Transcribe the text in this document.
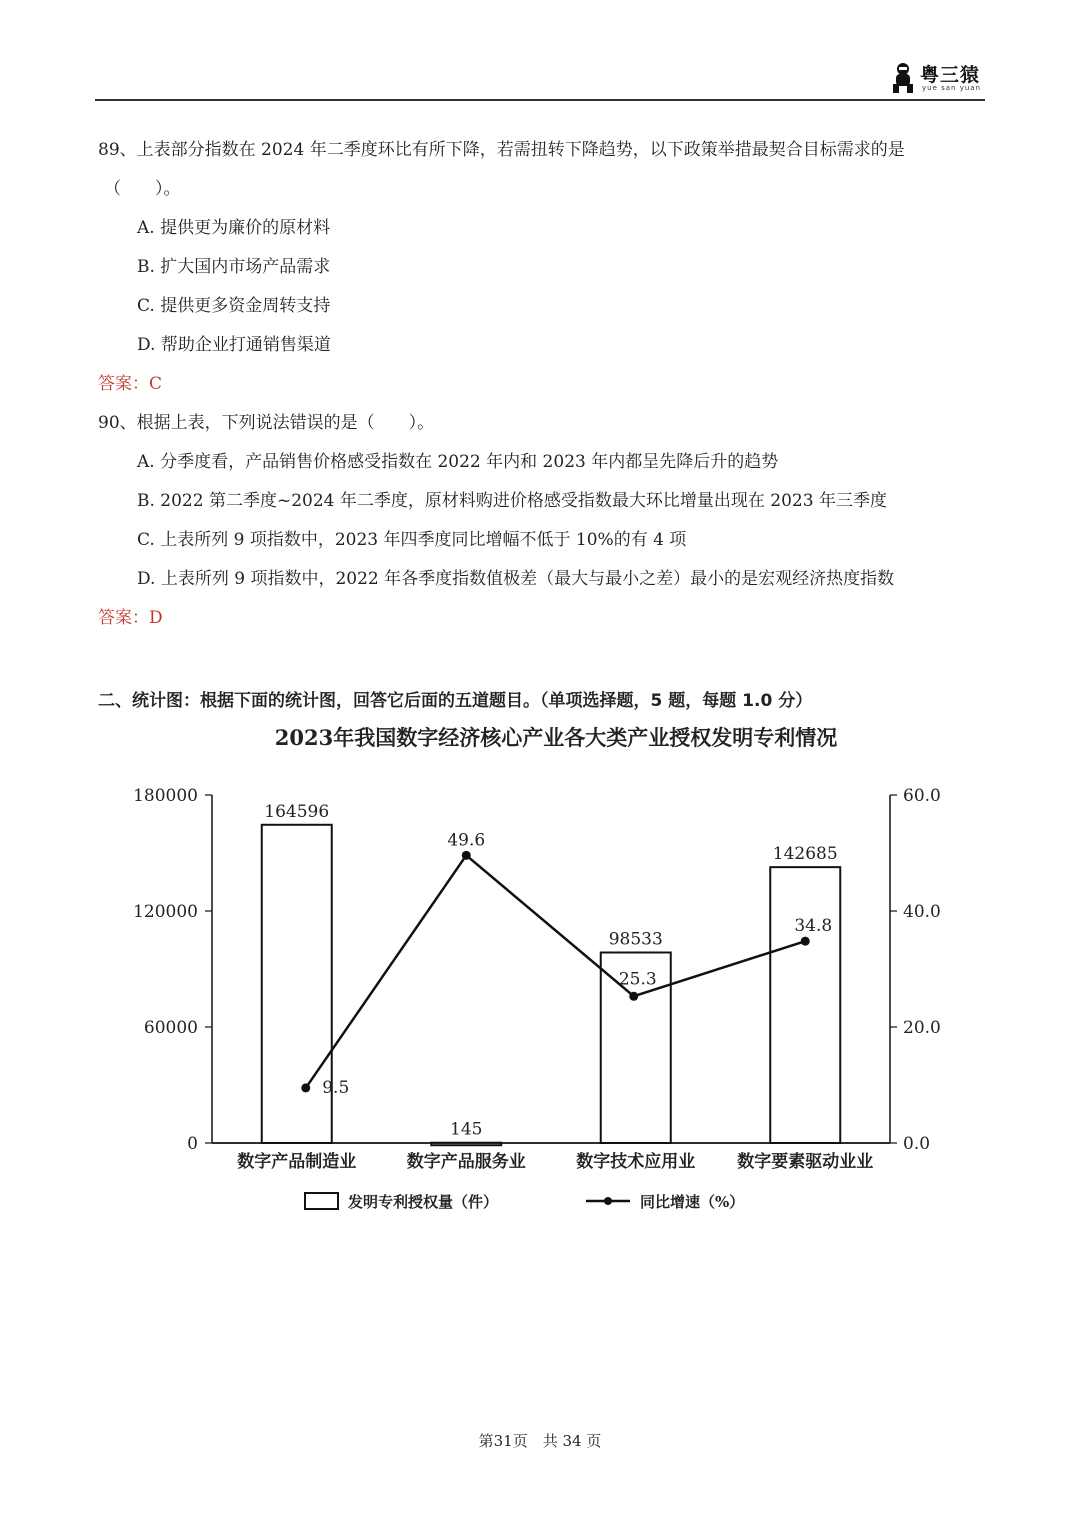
粤三猿
yue san yuan
89、上表部分指数在 2024 年二季度环比有所下降，若需扭转下降趋势，以下政策举措最契合目标需求的是
（　　）。
A. 提供更为廉价的原材料
B. 扩大国内市场产品需求
C. 提供更多资金周转支持
D. 帮助企业打通销售渠道
答案：C
90、根据上表，下列说法错误的是（　　）。
A. 分季度看，产品销售价格感受指数在 2022 年内和 2023 年内都呈先降后升的趋势
B. 2022 第二季度~2024 年二季度，原材料购进价格感受指数最大环比增量出现在 2023 年三季度
C. 上表所列 9 项指数中，2023 年四季度同比增幅不低于 10%的有 4 项
D. 上表所列 9 项指数中，2022 年各季度指数值极差（最大与最小之差）最小的是宏观经济热度指数
答案：D
二、统计图：根据下面的统计图，回答它后面的五道题目。（单项选择题，5 题，每题 1.0 分）
2023年我国数字经济核心产业各大类产业授权发明专利情况
0
60000
120000
180000
0.0
20.0
40.0
60.0
164596
145
98533
142685
数字产品制造业	数字产品服务业	数字技术应用业 数字要素驱动业业
9.5
49.6
25.3
34.8
发明专利授权量（件）	同比增速（%）
第31页　共 34 页
